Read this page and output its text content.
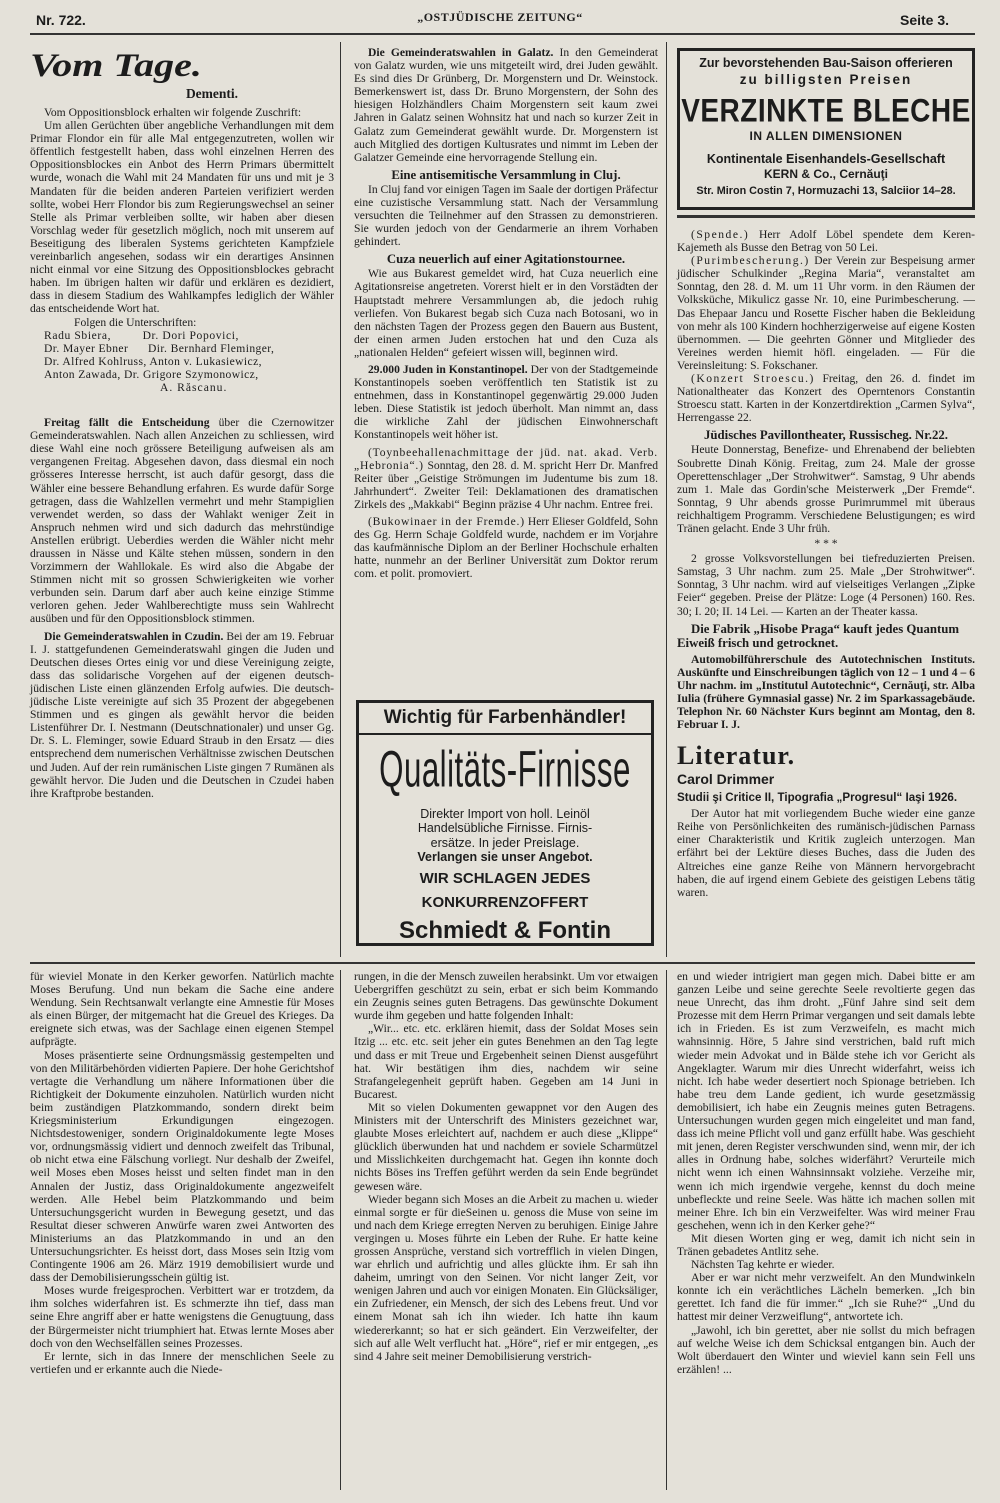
Nr. 722.	„OSTJÜDISCHE ZEITUNG“	Seite 3.
Vom Tage.
Dementi.

Vom Oppositionsblock erhalten wir folgende Zuschrift:

Um allen Gerüchten über angebliche Verhandlungen mit dem Primar Flondor ein für alle Mal entgegenzutreten, wollen wir öffentlich festgestellt haben, dass wohl einzelnen Herren des Oppositionsblockes ein Anbot des Herrn Primars übermittelt wurde, wonach die Wahl mit 24 Mandaten für uns und mit je 3 Mandaten für die beiden anderen Parteien verifiziert werden sollte, wobei Herr Flondor bis zum Regierungswechsel an seiner Stelle als Primar verbleiben sollte, wir haben aber diesen Vorschlag weder für gesetzlich möglich, noch mit unserem auf Beseitigung des liberalen Systems gerichteten Kampfziele vereinbarlich angesehen, sodass wir ein derartiges Ansinnen nicht einmal vor eine Sitzung des Oppositionsblockes gebracht haben. Im übrigen halten wir dafür und erklären es dezidiert, dass in diesem Stadium des Wahlkampfes lediglich der Wähler das entscheidende Wort hat.

Folgen die Unterschriften:

Radu Sbiera,         Dr. Dori Popovici,

Dr. Mayer Ebner      Dir. Bernhard Fleminger,

Dr. Alfred Kohlruss, Anton v. Lukasiewicz,

Anton Zawada, Dr. Grigore Szymonowicz,

A. Răscanu.

Freitag fällt die Entscheidung über die Czernowitzer Gemeinderatswahlen. Nach allen Anzeichen zu schliessen, wird diese Wahl eine noch grössere Beteiligung aufweisen als am vergangenen Freitag. Abgesehen davon, dass diesmal ein noch grösseres Interesse herrscht, ist auch dafür gesorgt, dass die Wähler eine bessere Behandlung erfahren. Es wurde dafür Sorge getragen, dass die Wahlzellen vermehrt und mehr Stampiglien verwendet werden, so dass der Wahlakt weniger Zeit in Anspruch nehmen wird und sich dadurch das mehrstündige Anstellen erübrigt. Ueberdies werden die Wähler nicht mehr draussen in Nässe und Kälte stehen müssen, sondern in den Vorzimmern der Wahllokale. Es wird also die Abgabe der Stimmen nicht mit so grossen Schwierigkeiten wie vorher verbunden sein. Darum darf aber auch keine einzige Stimme verloren gehen. Jeder Wahlberechtigte muss sein Wahlrecht ausüben und für den Oppositionsblock stimmen.

Die Gemeinderatswahlen in Czudin. Bei der am 19. Februar I. J. stattgefundenen Gemeinderatswahl gingen die Juden und Deutschen dieses Ortes einig vor und diese Vereinigung zeigte, dass das solidarische Vorgehen auf der eigenen deutsch-jüdischen Liste einen glänzenden Erfolg aufwies. Die deutsch-jüdische Liste vereinigte auf sich 35 Prozent der abgegebenen Stimmen und es gingen als gewählt hervor die beiden Listenführer Dr. I. Nestmann (Deutschnationaler) und unser Gg. Dr. S. L. Fleminger, sowie Eduard Straub in den Ersatz — dies entsprechend dem numerischen Verhältnisse zwischen Deutschen und Juden. Auf der rein rumänischen Liste gingen 7 Rumänen als gewählt hervor. Die Juden und die Deutschen in Czudei haben ihre Kraftprobe bestanden.

Die Gemeinderatswahlen in Galatz. In den Gemeinderat von Galatz wurden, wie uns mitgeteilt wird, drei Juden gewählt. Es sind dies Dr Grünberg, Dr. Morgenstern und Dr. Weinstock. Bemerkenswert ist, dass Dr. Bruno Morgenstern, der Sohn des hiesigen Holzhändlers Chaim Morgenstern seit kaum zwei Jahren in Galatz seinen Wohnsitz hat und nach so kurzer Zeit in Galatz zum Gemeinderat gewählt wurde. Dr. Morgenstern ist auch Mitglied des dortigen Kultusrates und nimmt im Leben der Galatzer Gemeinde eine hervorragende Stellung ein.

Eine antisemitische Versammlung in Cluj.

In Cluj fand vor einigen Tagen im Saale der dortigen Präfectur eine cuzistische Versammlung statt. Nach der Versammlung versuchten die Teilnehmer auf den Strassen zu demonstrieren. Sie wurden jedoch von der Gendarmerie an ihrem Vorhaben gehindert.

Cuza neuerlich auf einer Agitationstournee.

Wie aus Bukarest gemeldet wird, hat Cuza neuerlich eine Agitationsreise angetreten. Vorerst hielt er in den Vorstädten der Hauptstadt mehrere Versammlungen ab, die jedoch ruhig verliefen. Von Bukarest begab sich Cuza nach Botosani, wo in den nächsten Tagen der Prozess gegen den Bauern aus Bustent, der einen armen Juden erstochen hat und den Cuza als „nationalen Helden“ gefeiert wissen will, beginnen wird.

29.000 Juden in Konstantinopel. Der von der Stadtgemeinde Konstantinopels soeben veröffentlich ten Statistik ist zu entnehmen, dass in Konstantinopel gegenwärtig 29.000 Juden leben. Diese Statistik ist jedoch überholt. Man nimmt an, dass die wirkliche Zahl der jüdischen Einwohnerschaft Konstantinopels weit höher ist.

(Toynbeehallenachmittage der jüd. nat. akad. Verb. „Hebronia“.) Sonntag, den 28. d. M. spricht Herr Dr. Manfred Reiter über „Geistige Strömungen im Judentume bis zum 18. Jahrhundert“. Zweiter Teil: Deklamationen des dramatischen Zirkels des „Makkabi“ Beginn präzise 4 Uhr nachm. Entree frei.

(Bukowinaer in der Fremde.) Herr Elieser Goldfeld, Sohn des Gg. Herrn Schaje Goldfeld wurde, nachdem er im Vorjahre das kaufmännische Diplom an der Berliner Hochschule erhalten hatte, nunmehr an der Berliner Universität zum Doktor rerum com. et polit. promoviert.

Wichtig für Farbenhändler!
Qualitäts-Firnisse
Direkter Import von holl. Leinöl
Handelsübliche Firnisse. Firnis-
ersätze. In jeder Preislage.
Verlangen sie unser Angebot.
WIR SCHLAGEN JEDES KONKURRENZOFFERT
Schmiedt & Fontin
Zur bevorstehenden Bau-Saison offerieren
zu billigsten Preisen
VERZINKTE BLECHE
IN ALLEN DIMENSIONEN
Kontinentale Eisenhandels-Gesellschaft
KERN & Co., Cernăuţi
Str. Miron Costin 7, Hormuzachi 13, Salciior 14–28.

(Spende.) Herr Adolf Löbel spendete dem Keren-Kajemeth als Busse den Betrag von 50 Lei.

(Purimbescherung.) Der Verein zur Bespeisung armer jüdischer Schulkinder „Regina Maria“, veranstaltet am Sonntag, den 28. d. M. um 11 Uhr vorm. in den Räumen der Volksküche, Mikulicz gasse Nr. 10, eine Purimbescherung. — Das Ehepaar Jancu und Rosette Fischer haben die Bekleidung von mehr als 100 Kindern hochherzigerweise auf eigene Kosten übernommen. — Die geehrten Gönner und Mitglieder des Vereines werden hiemit höfl. eingeladen. — Für die Vereinsleitung: S. Fokschaner.

(Konzert Stroescu.) Freitag, den 26. d. findet im Nationaltheater das Konzert des Operntenors Constantin Stroescu statt. Karten in der Konzertdirektion „Carmen Sylva“, Herrengasse 22.

Jüdisches Pavillontheater, Russischeg. Nr.22.

Heute Donnerstag, Benefize- und Ehrenabend der beliebten Soubrette Dinah König. Freitag, zum 24. Male der grosse Operettenschlager „Der Strohwitwer“. Samstag, 9 Uhr abends zum 1. Male das Gordin'sche Meisterwerk „Der Fremde“. Sonntag, 9 Uhr abends grosse Purimrummel mit überaus reichhaltigem Programm. Verschiedene Belustigungen; es wird Tränen gelacht. Ende 3 Uhr früh.

* * *

2 grosse Volksvorstellungen bei tiefreduzierten Preisen. Samstag, 3 Uhr nachm. zum 25. Male „Der Strohwitwer“. Sonntag, 3 Uhr nachm. wird auf vielseitiges Verlangen „Zipke Feier“ gegeben. Preise der Plätze: Loge (4 Personen) 160. Res. 30; I. 20; II. 14 Lei. — Karten an der Theater kassa.

Die Fabrik „Hisobe Praga“ kauft jedes Quantum Eiweiß frisch und getrocknet.

Automobilführerschule des Autotechnischen Instituts. Auskünfte und Einschreibungen täglich von 12 – 1 und 4 – 6 Uhr nachm. im „Institutul Autotechnic“, Cernăuţi, str. Alba Iulia (frühere Gymnasial gasse) Nr. 2 im Sparkassagebäude. Telephon Nr. 60 Nächster Kurs beginnt am Montag, den 8. Februar I. J.

Literatur.
Carol Drimmer
Studii şi Critice II, Tipografia „Progresul“ Iaşi 1926.

Der Autor hat mit vorliegendem Buche wieder eine ganze Reihe von Persönlichkeiten des rumänisch-jüdischen Parnass einer Charakteristik und Kritik zugleich unterzogen. Man erfährt bei der Lektüre dieses Buches, dass die Juden des Altreiches eine ganze Reihe von Männern hervorgebracht haben, die auf irgend einem Gebiete des geistigen Lebens tätig waren.

für wieviel Monate in den Kerker geworfen. Natürlich machte Moses Berufung. Und nun bekam die Sache eine andere Wendung. Sein Rechtsanwalt verlangte eine Amnestie für Moses als einen Bürger, der mitgemacht hat die Greuel des Krieges. Da ereignete sich etwas, was der Sachlage einen eigenen Stempel aufprägte.

Moses präsentierte seine Ordnungsmässig gestempelten und von den Militärbehörden vidierten Papiere. Der hohe Gerichtshof vertagte die Verhandlung um nähere Informationen über die Richtigkeit der Dokumente einzuholen. Natürlich wurden nicht beim zuständigen Platzkommando, sondern direkt beim Kriegsministerium Erkundigungen eingezogen. Nichtsdestoweniger, sondern Originaldokumente legte Moses vor, ordnungsmässig vidiert und dennoch zweifelt das Tribunal, ob nicht etwa eine Fälschung vorliegt. Nur deshalb der Zweifel, weil Moses eben Moses heisst und selten findet man in den Annalen der Justiz, dass Originaldokumente angezweifelt werden. Alle Hebel beim Platzkommando und beim Untersuchungsgericht wurden in Bewegung gesetzt, und das Resultat dieser schweren Anwürfe waren zwei Antworten des Ministeriums an das Platzkommando in und an den Untersuchungsrichter. Es heisst dort, dass Moses sein Itzig vom Contingente 1906 am 26. März 1919 demobilisiert wurde und dass der Demobilisierungsschein gültig ist.

Moses wurde freigesprochen. Verbittert war er trotzdem, da ihm solches widerfahren ist. Es schmerzte ihn tief, dass man seine Ehre angriff aber er hatte wenigstens die Genugtuung, dass der Bürgermeister nicht triumphiert hat. Etwas lernte Moses aber doch von den Wechselfällen seines Prozesses.

Er lernte, sich in das Innere der menschlichen Seele zu vertiefen und er erkannte auch die Niede-

rungen, in die der Mensch zuweilen herabsinkt. Um vor etwaigen Uebergriffen geschützt zu sein, erbat er sich beim Kommando ein Zeugnis seines guten Betragens. Das gewünschte Dokument wurde ihm gegeben und hatte folgenden Inhalt:

„Wir... etc. etc. erklären hiemit, dass der Soldat Moses sein Itzig ... etc. etc. seit jeher ein gutes Benehmen an den Tag legte und dass er mit Treue und Ergebenheit seinen Dienst ausgeführt hat. Wir bestätigen ihm dies, nachdem wir seine Strafangelegenheit geprüft haben. Gegeben am 14 Juni in Bucarest.

Mit so vielen Dokumenten gewappnet vor den Augen des Ministers mit der Unterschrift des Ministers gezeichnet war, glaubte Moses erleichtert auf, nachdem er auch diese „Klippe“ glücklich überwunden hat und nachdem er soviele Scharmützel und Misslichkeiten durchgemacht hat. Gegen ihn konnte doch nichts Böses ins Treffen geführt werden da sein Ende begründet gewesen wäre.

Wieder begann sich Moses an die Arbeit zu machen u. wieder einmal sorgte er für dieSeinen u. genoss die Muse von seine im und nach dem Kriege erregten Nerven zu beruhigen. Einige Jahre vergingen u. Moses führte ein Leben der Ruhe. Er hatte keine grossen Ansprüche, verstand sich vortrefflich in vielen Dingen, war ehrlich und aufrichtig und alles glückte ihm. Er sah ihn daheim, umringt von den Seinen. Vor nicht langer Zeit, vor wenigen Jahren und auch vor einigen Monaten. Ein Glücksäliger, ein Zufriedener, ein Mensch, der sich des Lebens freut. Und vor einem Monat sah ich ihn wieder. Ich hatte ihn kaum wiedererkannt; so hat er sich geändert. Ein Verzweifelter, der sich auf alle Welt verflucht hat. „Höre“, rief er mir entgegen, „es sind 4 Jahre seit meiner Demobilisierung verstrich-

en und wieder intrigiert man gegen mich. Dabei bitte er am ganzen Leibe und seine gerechte Seele revoltierte gegen das neue Unrecht, das ihm droht. „Fünf Jahre sind seit dem Prozesse mit dem Herrn Primar vergangen und seit damals lebte ich in Frieden. Es ist zum Verzweifeln, es macht mich wahnsinnig. Höre, 5 Jahre sind verstrichen, bald ruft mich wieder mein Advokat und in Bälde stehe ich vor Gericht als Angeklagter. Warum mir dies Unrecht widerfahrt, weiss ich nicht. Ich habe weder desertiert noch Spionage betrieben. Ich habe treu dem Lande gedient, ich wurde gesetzmässig demobilisiert, ich habe ein Zeugnis meines guten Betragens. Untersuchungen wurden gegen mich eingeleitet und man fand, dass ich meine Pflicht voll und ganz erfüllt habe. Was geschieht mit jenen, deren Register verschwunden sind, wenn mir, der ich alles in Ordnung habe, solches widerfährt? Verurteile mich nicht wenn ich einen Wahnsinnsakt volziehe. Verzeihe mir, wenn ich mich irgendwie vergehe, kennst du doch meine unbefleckte und reine Seele. Was hätte ich machen sollen mit meiner Ehre. Ich bin ein Verzweifelter. Was wird meiner Frau geschehen, wenn ich in den Kerker gehe?“

Mit diesen Worten ging er weg, damit ich nicht sein in Tränen gebadetes Antlitz sehe.

Nächsten Tag kehrte er wieder.

Aber er war nicht mehr verzweifelt. An den Mundwinkeln konnte ich ein verächtliches Lächeln bemerken. „Ich bin gerettet. Ich fand die für immer.“ „Ich sie Ruhe?“ „Und du hattest mir deiner Verzweiflung“, antwortete ich.

„Jawohl, ich bin gerettet, aber nie sollst du mich befragen auf welche Weise ich dem Schicksal entgangen bin. Auch der Wolt überdauert den Winter und wieviel kann sein Fell uns erzählen! ...
